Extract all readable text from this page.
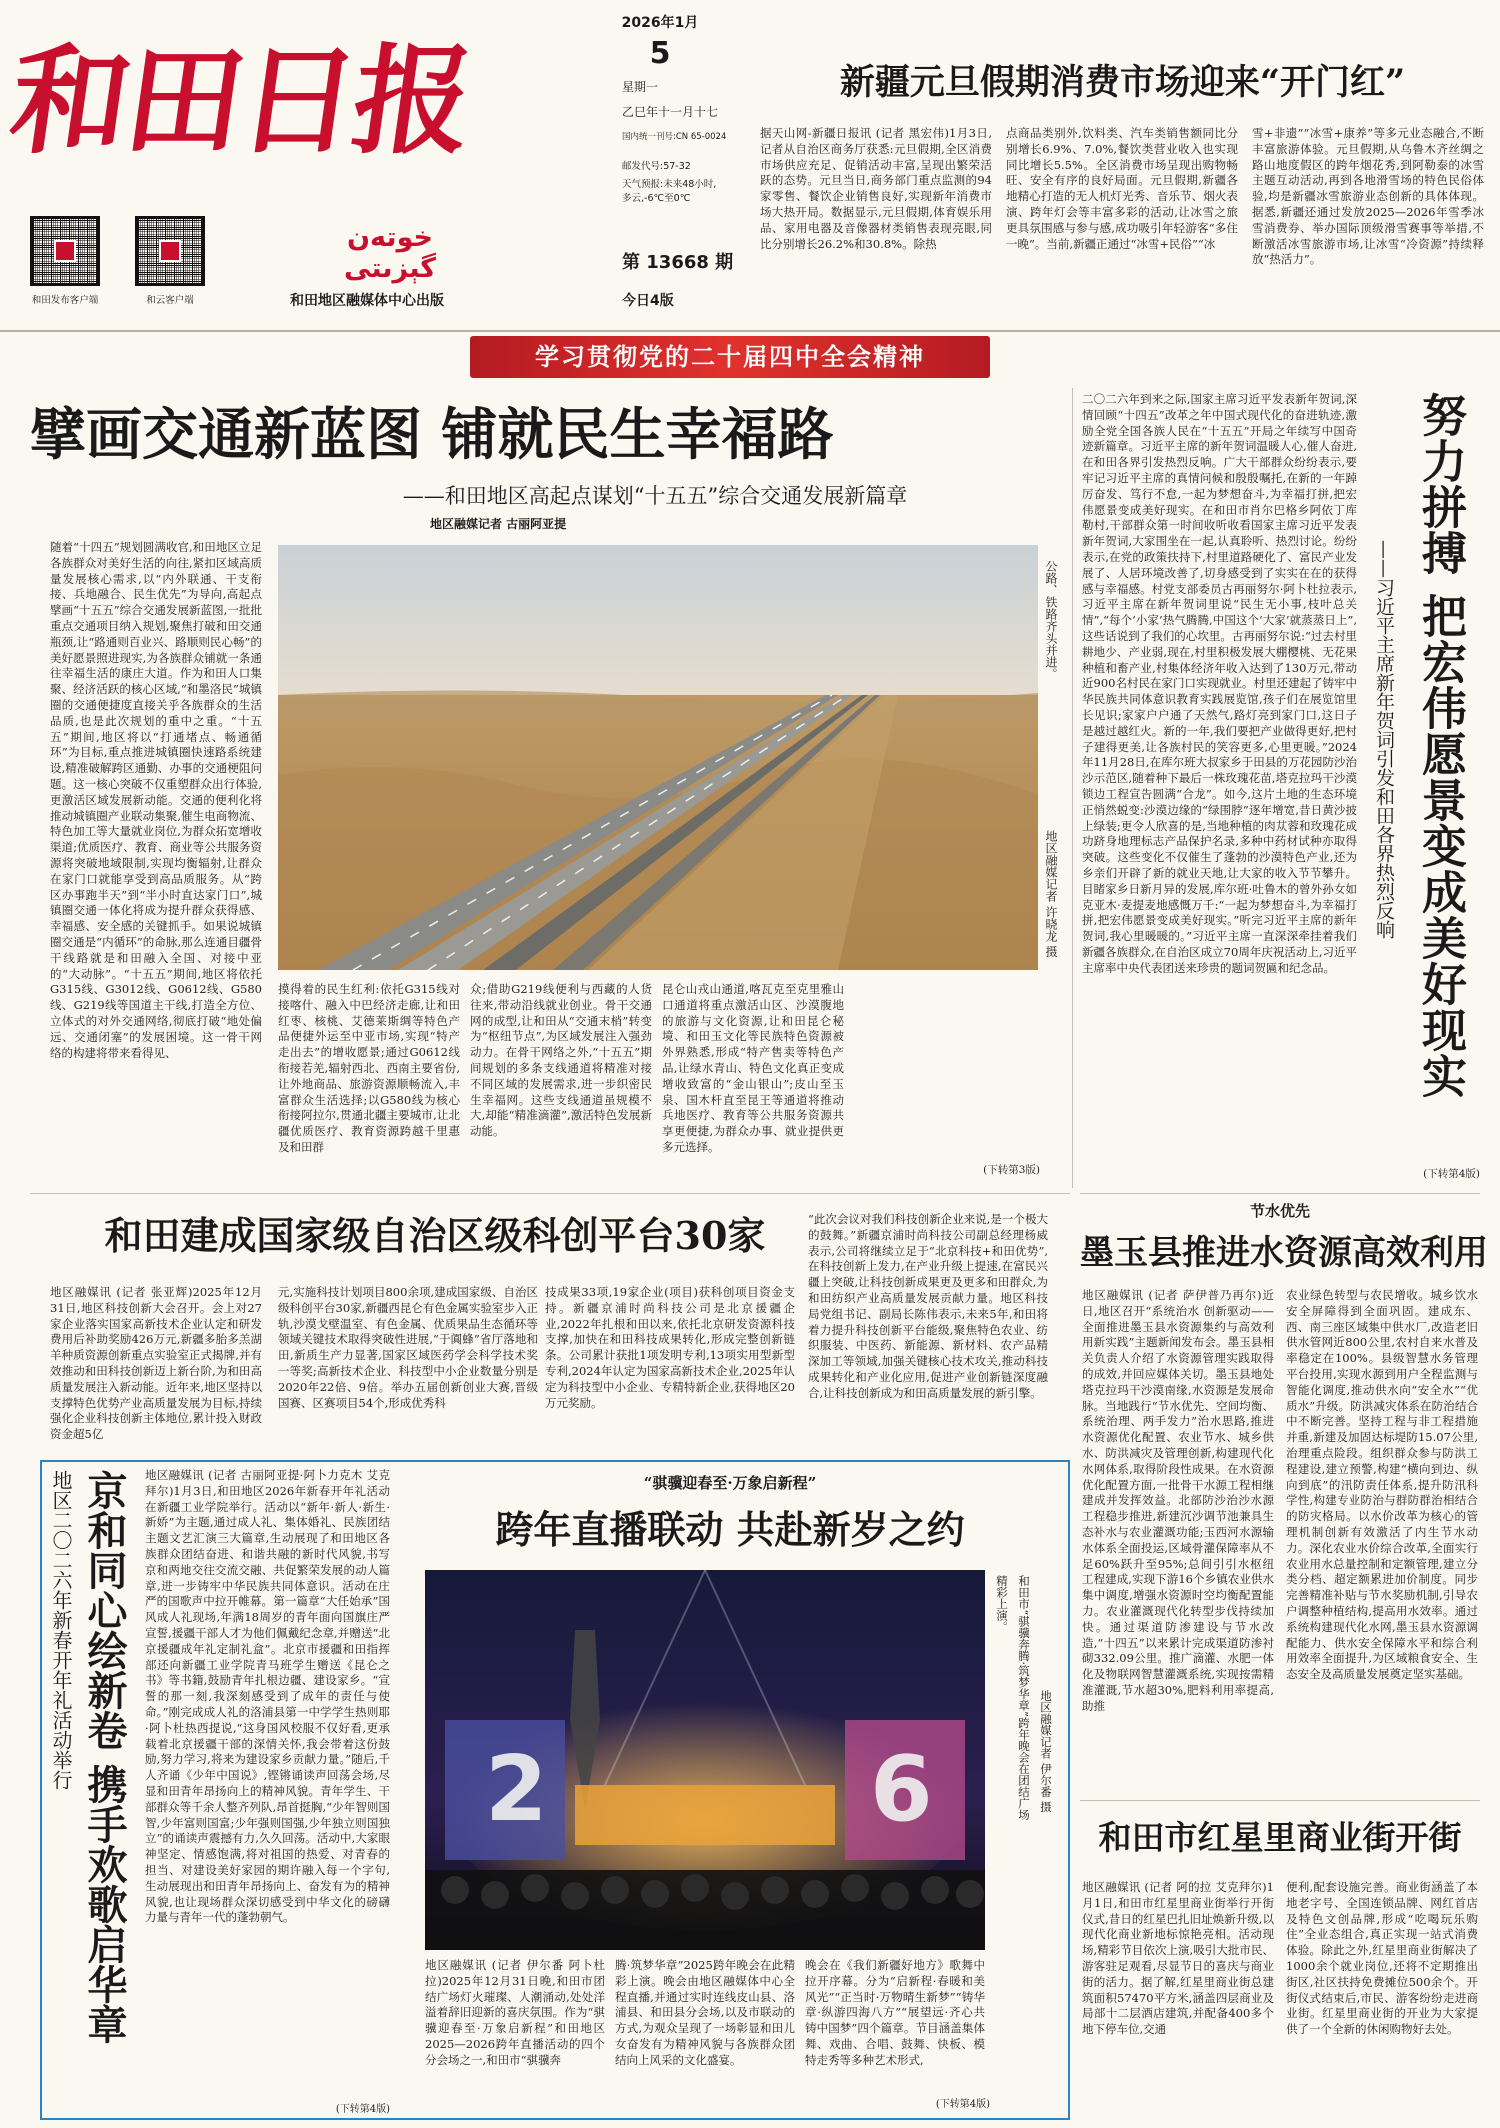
和田日报
خوتەن گېزىتى
和田发布客户端	和云客户端	和田地区融媒体中心出版
2026年1月
5
星期一
乙巳年十一月十七
国内统一刊号:CN 65-0024
邮发代号:57-32
天气预报:未来48小时,多云,-6℃至0℃
第 13668 期
今日4版
新疆元旦假期消费市场迎来“开门红”
据天山网-新疆日报讯 (记者 黑宏伟)1月3日,记者从自治区商务厅获悉:元旦假期,全区消费市场供应充足、促销活动丰富,呈现出繁荣活跃的态势。元旦当日,商务部门重点监测的94家零售、餐饮企业销售良好,实现新年消费市场大热开局。数据显示,元旦假期,体育娱乐用品、家用电器及音像器材类销售表现亮眼,同比分别增长26.2%和30.8%。除热
点商品类别外,饮料类、汽车类销售额同比分别增长6.9%、7.0%,餐饮类营业收入也实现同比增长5.5%。全区消费市场呈现出购物畅旺、安全有序的良好局面。元旦假期,新疆各地精心打造的无人机灯光秀、音乐节、烟火表演、跨年灯会等丰富多彩的活动,让冰雪之旅更具氛围感与参与感,成功吸引年轻游客“多住一晚”。当前,新疆正通过“冰雪+民俗”“冰
雪+非遗”“冰雪+康养”等多元业态融合,不断丰富旅游体验。元旦假期,从乌鲁木齐丝绸之路山地度假区的跨年烟花秀,到阿勒泰的冰雪主题互动活动,再到各地滑雪场的特色民俗体验,均是新疆冰雪旅游业态创新的具体体现。据悉,新疆还通过发放2025—2026年雪季冰雪消费券、举办国际顶级滑雪赛事等举措,不断激活冰雪旅游市场,让冰雪“冷资源”持续释放“热活力”。
学习贯彻党的二十届四中全会精神
擘画交通新蓝图 铺就民生幸福路
——和田地区高起点谋划“十五五”综合交通发展新篇章
地区融媒记者 古丽阿亚提
随着“十四五”规划圆满收官,和田地区立足各族群众对美好生活的向往,紧扣区域高质量发展核心需求,以“内外联通、干支衔接、兵地融合、民生优先”为导向,高起点擘画“十五五”综合交通发展新蓝图,一批批重点交通项目纳入规划,聚焦打破和田交通瓶颈,让“路通则百业兴、路顺则民心畅”的美好愿景照进现实,为各族群众铺就一条通往幸福生活的康庄大道。作为和田人口集聚、经济活跃的核心区域,“和墨洛民”城镇圈的交通便捷度直接关乎各族群众的生活品质,也是此次规划的重中之重。“十五五”期间,地区将以“打通堵点、畅通循环”为目标,重点推进城镇圈快速路系统建设,精准破解跨区通勤、办事的交通梗阻问题。这一核心突破不仅重塑群众出行体验,更激活区域发展新动能。交通的便利化将推动城镇圈产业联动集聚,催生电商物流、特色加工等大量就业岗位,为群众拓宽增收渠道;优质医疗、教育、商业等公共服务资源将突破地域限制,实现均衡辐射,让群众在家门口就能享受到高品质服务。从“跨区办事跑半天”到“半小时直达家门口”,城镇圈交通一体化将成为提升群众获得感、幸福感、安全感的关键抓手。如果说城镇圈交通是“内循环”的命脉,那么连通目疆骨干线路就是和田融入全国、对接中亚的“大动脉”。“十五五”期间,地区将依托G315线、G3012线、G0612线、G580线、G219线等国道主干线,打造全方位、立体式的对外交通网络,彻底打破“地处偏远、交通闭塞”的发展困境。这一骨干网络的构建将带来看得见、
公路、铁路齐头并进。
地区融媒记者 许晓龙 摄
摸得着的民生红利:依托G315线对接喀什、融入中巴经济走廊,让和田红枣、核桃、艾德莱斯绸等特色产品便捷外运至中亚市场,实现“特产走出去”的增收愿景;通过G0612线衔接若羌,辐射西北、西南主要省份,让外地商品、旅游资源顺畅流入,丰富群众生活选择;以G580线为核心衔接阿拉尔,贯通北疆主要城市,让北疆优质医疗、教育资源跨越千里惠及和田群
众;借助G219线便利与西藏的人货往来,带动沿线就业创业。骨干交通网的成型,让和田从“交通末梢”转变为“枢纽节点”,为区域发展注入强劲动力。在骨干网络之外,“十五五”期间规划的多条支线通道将精准对接不同区域的发展需求,进一步织密民生幸福网。这些支线通道虽规模不大,却能“精准滴灌”,激活特色发展新动能。
昆仑山戎山通道,喀瓦克至克里雅山口通道将重点激活山区、沙漠腹地的旅游与文化资源,让和田昆仑秘境、和田玉文化等民族特色资源被外界熟悉,形成“特产售卖等特色产品,让绿水青山、特色文化真正变成增收致富的“金山银山”;皮山至玉泉、国木杆直至昆王等通道将推动兵地医疗、教育等公共服务资源共享更便捷,为群众办事、就业提供更多元选择。
(下转第3版)
努力拼搏 把宏伟愿景变成美好现实
——习近平主席新年贺词引发和田各界热烈反响
二〇二六年到来之际,国家主席习近平发表新年贺词,深情回顾“十四五”改革之年中国式现代化的奋进轨迹,激励全党全国各族人民在“十五五”开局之年续写中国奇迹新篇章。习近平主席的新年贺词温暖人心,催人奋进,在和田各界引发热烈反响。广大干部群众纷纷表示,要牢记习近平主席的真情问候和殷殷嘱托,在新的一年踔厉奋发、笃行不怠,一起为梦想奋斗,为幸福打拼,把宏伟愿景变成美好现实。在和田市肖尔巴格乡阿依丁库勒村,干部群众第一时间收听收看国家主席习近平发表新年贺词,大家围坐在一起,认真聆听、热烈讨论。纷纷表示,在党的政策扶持下,村里道路硬化了、富民产业发展了、人居环境改善了,切身感受到了实实在在的获得感与幸福感。村党支部委员古再丽努尔·阿卜杜拉表示,习近平主席在新年贺词里说“民生无小事,枝叶总关情”,“每个‘小家’热气腾腾,中国这个‘大家’就蒸蒸日上”,这些话说到了我们的心坎里。古再丽努尔说:“过去村里耕地少、产业弱,现在,村里积极发展大棚樱桃、无花果种植和畜产业,村集体经济年收入达到了130万元,带动近900名村民在家门口实现就业。村里还建起了铸牢中华民族共同体意识教育实践展览馆,孩子们在展览馆里长见识;家家户户通了天然气,路灯亮到家门口,这日子是越过越红火。新的一年,我们要把产业做得更好,把村子建得更美,让各族村民的笑容更多,心里更暖。”2024年11月28日,在库尔班大叔家乡于田县的万花园防沙治沙示范区,随着种下最后一株玫瑰花苗,塔克拉玛干沙漠锁边工程宣告圆满“合龙”。如今,这片土地的生态环境正悄然蜕变:沙漠边缘的“绿围脖”逐年增宽,昔日黄沙披上绿装;更令人欣喜的是,当地种植的肉苁蓉和玫瑰花成功跻身地理标志产品保护名录,多种中药材试种亦取得突破。这些变化不仅催生了蓬勃的沙漠特色产业,还为乡亲们开辟了新的就业天地,让大家的收入节节攀升。目睹家乡日新月异的发展,库尔班·吐鲁木的曾外孙女如克亚木·麦提麦地感慨万千:“一起为梦想奋斗,为幸福打拼,把宏伟愿景变成美好现实。”听完习近平主席的新年贺词,我心里暖暖的。”习近平主席一直深深牵挂着我们新疆各族群众,在自治区成立70周年庆祝活动上,习近平主席率中央代表团送来珍贵的题词贺匾和纪念品。
(下转第4版)
和田建成国家级自治区级科创平台30家
地区融媒讯 (记者 张亚辉)2025年12月31日,地区科技创新大会召开。会上对27家企业落实国家高新技术企业认定和研发费用后补助奖励426万元,新疆多胎多羔湖羊种质资源创新重点实验室正式揭牌,并有效推动和田科技创新迈上新台阶,为和田高质量发展注入新动能。近年来,地区坚持以支撑特色优势产业高质量发展为目标,持续强化企业科技创新主体地位,累计投入财政资金超5亿
元,实施科技计划项目800余项,建成国家级、自治区级科创平台30家,新疆西昆仑有色金属实验室步入正轨,沙漠戈壁温室、有色金属、优质果品生态循环等领域关键技术取得突破性进展,“于阗蜂”省厅落地和田,新质生产力显著,国家区域医药学会科学技术奖一等奖;高新技术企业、科技型中小企业数量分别是2020年22倍、9倍。举办五届创新创业大赛,晋级国赛、区赛项目54个,形成优秀科
技成果33项,19家企业(项目)获科创项目资金支持。新疆京浦时尚科技公司是北京援疆企业,2022年扎根和田以来,依托北京研发资源科技支撑,加快在和田科技成果转化,形成完整创新链条。公司累计获批1项发明专利,13项实用型新型专利,2024年认定为国家高新技术企业,2025年认定为科技型中小企业、专精特新企业,获得地区20万元奖励。
“此次会议对我们科技创新企业来说,是一个极大的鼓舞。”新疆京浦时尚科技公司副总经理杨威表示,公司将继续立足于“北京科技+和田优势”,在科技创新上发力,在产业升级上提速,在富民兴疆上突破,让科技创新成果更及更多和田群众,为和田纺织产业高质量发展贡献力量。地区科技局党组书记、副局长陈伟表示,未来5年,和田将着力提升科技创新平台能级,聚焦特色农业、纺织服装、中医药、新能源、新材料、农产品精深加工等领域,加强关键核心技术攻关,推动科技成果转化和产业化应用,促进产业创新链深度融合,让科技创新成为和田高质量发展的新引擎。
节水优先
墨玉县推进水资源高效利用
地区融媒讯 (记者 萨伊普乃再尔)近日,地区召开“系统治水 创新驱动——全面推进墨玉县水资源集约与高效利用新实践”主题新闻发布会。墨玉县相关负责人介绍了水资源管理实践取得的成效,并回应媒体关切。墨玉县地处塔克拉玛干沙漠南缘,水资源是发展命脉。当地践行“节水优先、空间均衡、系统治理、两手发力”治水思路,推进水资源优化配置、农业节水、城乡供水、防洪减灾及管理创新,构建现代化水网体系,取得阶段性成果。在水资源优化配置方面,一批骨干水源工程相继建成并发挥效益。北部防沙治沙水源工程稳步推进,新建沉沙调节池兼具生态补水与农业灌溉功能;玉西河水源输水体系全面投运,区域骨灌保障率从不足60%跃升至95%;总间引引水枢纽工程建成,实现下游16个乡镇农业供水集中调度,增强水资源时空均衡配置能力。农业灌溉现代化转型步伐持续加快。通过渠道防渗建设与节水改造,“十四五”以来累计完成渠道防渗衬砌332.09公里。推广滴灌、水肥一体化及物联网智慧灌溉系统,实现按需精准灌溉,节水超30%,肥料利用率提高,助推
农业绿色转型与农民增收。城乡饮水安全屏障得到全面巩固。建成东、西、南三座区域集中供水厂,改造老旧供水管网近800公里,农村自来水普及率稳定在100%。县级智慧水务管理平台投用,实现水源到用户全程监测与智能化调度,推动供水向“安全水”“优质水”升级。防洪减灾体系在防治结合中不断完善。坚持工程与非工程措施并重,新建及加固达标堤防15.07公里,治理重点险段。组织群众参与防洪工程建设,建立预警,构建“横向到边、纵向到底”的汛防责任体系,提升防汛科学性,构建专业防治与群防群治相结合的防灾格局。以水价改革为核心的管理机制创新有效激活了内生节水动力。深化农业水价综合改革,全面实行农业用水总量控制和定额管理,建立分类分档、超定额累进加价制度。同步完善精准补贴与节水奖励机制,引导农户调整种植结构,提高用水效率。通过系统构建现代化水网,墨玉县水资源调配能力、供水安全保障水平和综合利用效率全面提升,为区域粮食安全、生态安全及高质量发展奠定坚实基础。
京和同心绘新卷 携手欢歌启华章
地区二〇二六年新春开年礼活动举行	地区融媒讯 (记者 古丽阿亚提·阿卜力克木 艾克拜尔)1月3日,和田地区2026年新春开年礼活动在新疆工业学院举行。活动以“新年·新人·新生·新娇”为主题,通过成人礼、集体婚礼、民族团结主题文艺汇演三大篇章,生动展现了和田地区各族群众团结奋进、和谐共融的新时代风貌,书写京和两地交往交流交融、共促繁荣发展的动人篇章,进一步铸牢中华民族共同体意识。活动在庄严的国歌声中拉开帷幕。第一篇章“大任始承”国风成人礼现场,年满18周岁的青年面向国旗庄严宣誓,援疆干部人才为他们佩戴纪念章,并赠送“北京援疆成年礼定制礼盒”。北京市援疆和田指挥部还向新疆工业学院青马班学生赠送《昆仑之书》等书籍,鼓励青年扎根边疆、建设家乡。“宣誓的那一刻,我深刻感受到了成年的责任与使命。”刚完成成人礼的洛浦县第一中学学生热则耶·阿卜杜热西提说,“这身国风校服不仅好看,更承载着北京援疆干部的深情关怀,我会带着这份鼓励,努力学习,将来为建设家乡贡献力量。”随后,千人齐诵《少年中国说》,铿锵诵读声回荡会场,尽显和田青年昂扬向上的精神风貌。青年学生、干部群众等千余人整齐列队,昂首挺胸,“少年智则国智,少年富则国富;少年强则国强,少年独立则国独立”的诵读声震撼有力,久久回荡。活动中,大家眼神坚定、情感饱满,将对祖国的热爱、对青春的担当、对建设美好家园的期许融入每一个字句,生动展现出和田青年昂扬向上、奋发有为的精神风貌,也让现场群众深切感受到中华文化的磅礴力量与青年一代的蓬勃朝气。
(下转第4版)
“骐骥迎春至·万象启新程”
跨年直播联动 共赴新岁之约
2	6
精彩上演。 和田市“骐骥奔腾·筑梦华章”跨年晚会在团结广场 地区融媒记者 伊尔番 摄
地区融媒讯 (记者 伊尔番 阿卜杜拉)2025年12月31日晚,和田市团结广场灯火璀璨、人潮涌动,处处洋溢着辞旧迎新的喜庆氛围。作为“骐骥迎春至·万象启新程”和田地区2025—2026跨年直播活动的四个分会场之一,和田市“骐骥奔
腾·筑梦华章”2025跨年晚会在此精彩上演。晚会由地区融媒体中心全程直播,并通过实时连线皮山县、洛浦县、和田县分会场,以及市联动的方式,为观众呈现了一场彰显和田儿女奋发有为精神风貌与各族群众团结向上风采的文化盛宴。
晚会在《我们新疆好地方》歌舞中拉开序幕。分为“启新程·春暖和美风光”“正当时·万物晴生新梦”“铸华章·纵游四海八方”“展望远·齐心共铸中国梦”四个篇章。节目涵盖集体舞、戏曲、合唱、鼓舞、快板、模特走秀等多种艺术形式,
(下转第4版)
和田市红星里商业街开街
地区融媒讯 (记者 阿的拉 艾克拜尔)1月1日,和田市红星里商业街举行开街仪式,昔日的红星巴扎旧址焕新升级,以现代化商业新地标惊艳亮相。活动现场,精彩节目依次上演,吸引大批市民、游客驻足观看,尽显节日的喜庆与商业街的活力。据了解,红星里商业街总建筑面积57470平方米,涵盖四层商业及局部十二层酒店建筑,并配备400多个地下停车位,交通
便利,配套设施完善。商业街涵盖了本地老字号、全国连锁品牌、网红首店及特色文创品牌,形成“吃喝玩乐购住”全业态组合,真正实现一站式消费体验。除此之外,红星里商业街解决了1000余个就业岗位,还将不定期推出街区,社区扶持免费摊位500余个。开街仪式结束后,市民、游客纷纷走进商业街。红星里商业街的开业为大家提供了一个全新的休闲购物好去处。
